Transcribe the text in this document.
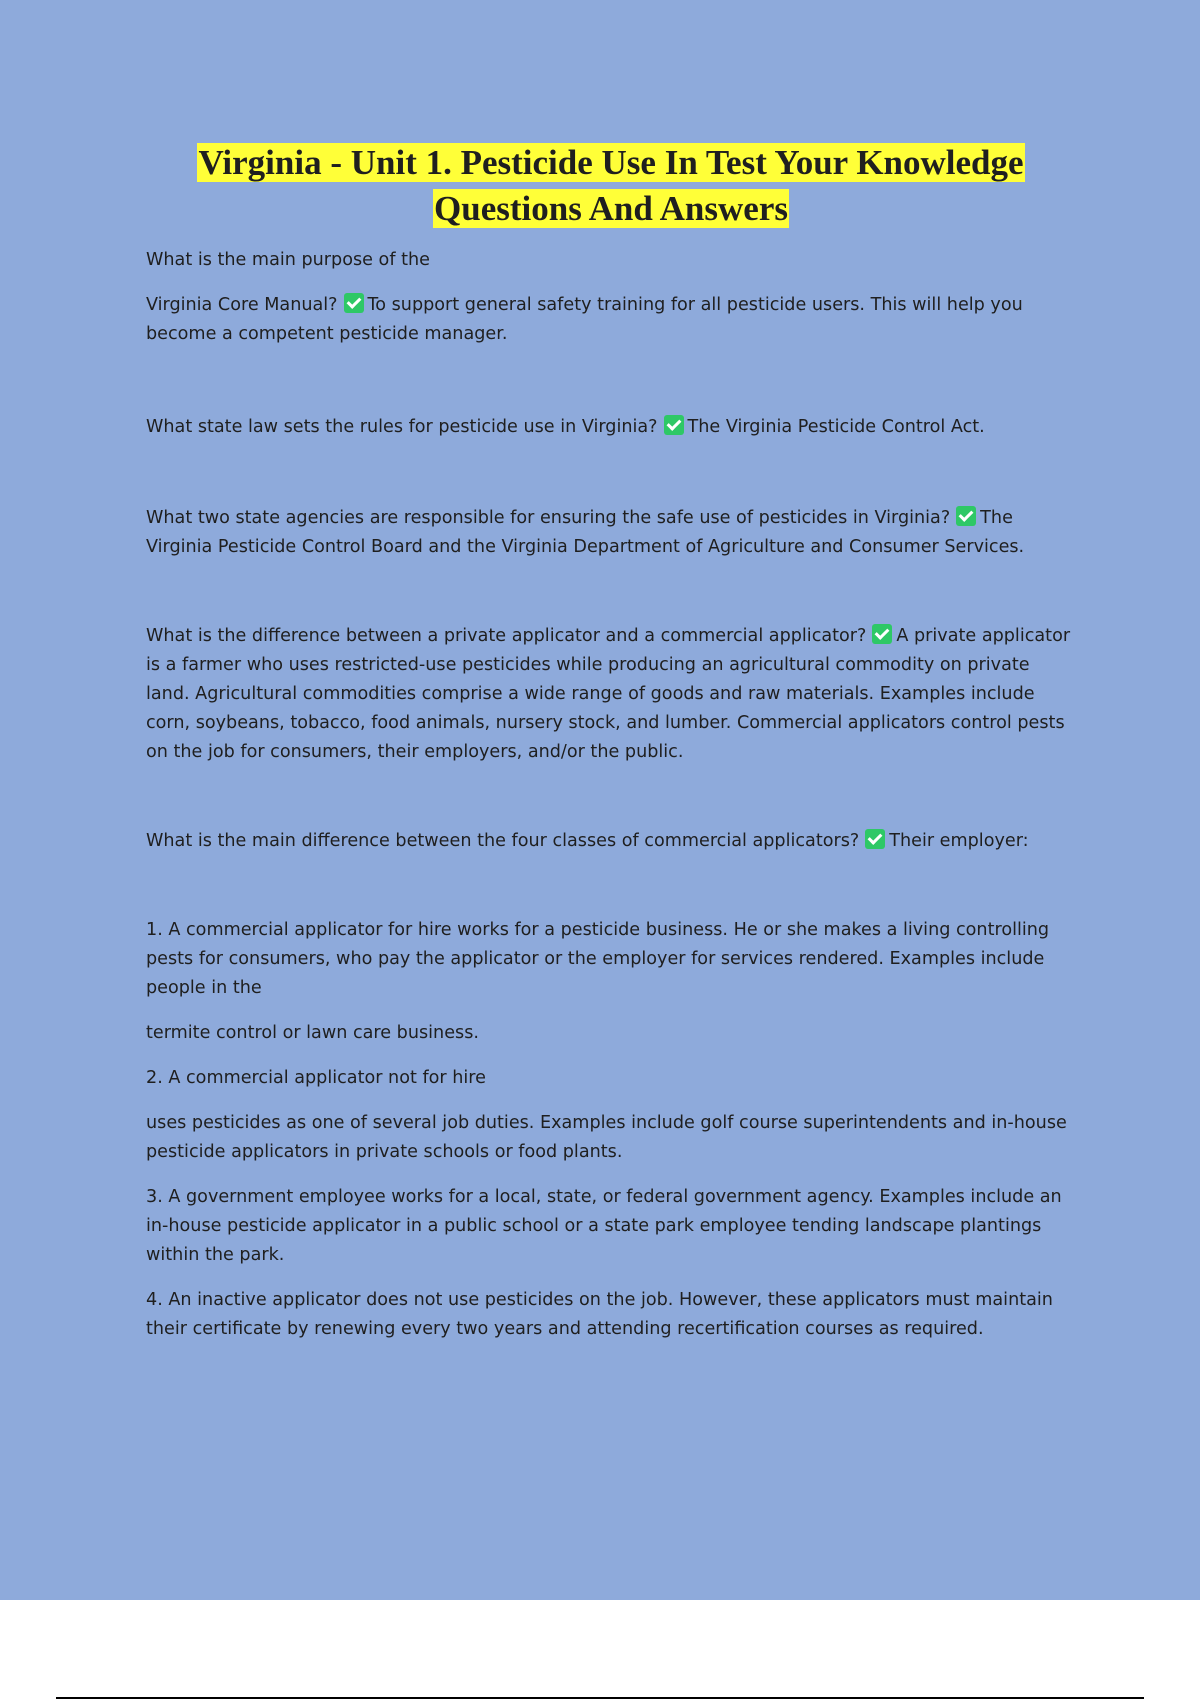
Virginia - Unit 1. Pesticide Use In Test Your Knowledge
Questions And Answers

What is the main purpose of the

Virginia Core Manual? To support general safety training for all pesticide users. This will help you become a competent pesticide manager.

What state law sets the rules for pesticide use in Virginia? The Virginia Pesticide Control Act.

What two state agencies are responsible for ensuring the safe use of pesticides in Virginia? The Virginia Pesticide Control Board and the Virginia Department of Agriculture and Consumer Services.

What is the difference between a private applicator and a commercial applicator? A private applicator is a farmer who uses restricted-use pesticides while producing an agricultural commodity on private land. Agricultural commodities comprise a wide range of goods and raw materials. Examples include corn, soybeans, tobacco, food animals, nursery stock, and lumber. Commercial applicators control pests on the job for consumers, their employers, and/or the public.

What is the main difference between the four classes of commercial applicators? Their employer:

1. A commercial applicator for hire works for a pesticide business. He or she makes a living controlling pests for consumers, who pay the applicator or the employer for services rendered. Examples include people in the

termite control or lawn care business.

2. A commercial applicator not for hire

uses pesticides as one of several job duties. Examples include golf course superintendents and in-house pesticide applicators in private schools or food plants.

3. A government employee works for a local, state, or federal government agency. Examples include an in-house pesticide applicator in a public school or a state park employee tending landscape plantings within the park.

4. An inactive applicator does not use pesticides on the job. However, these applicators must maintain their certificate by renewing every two years and attending recertification courses as required.
